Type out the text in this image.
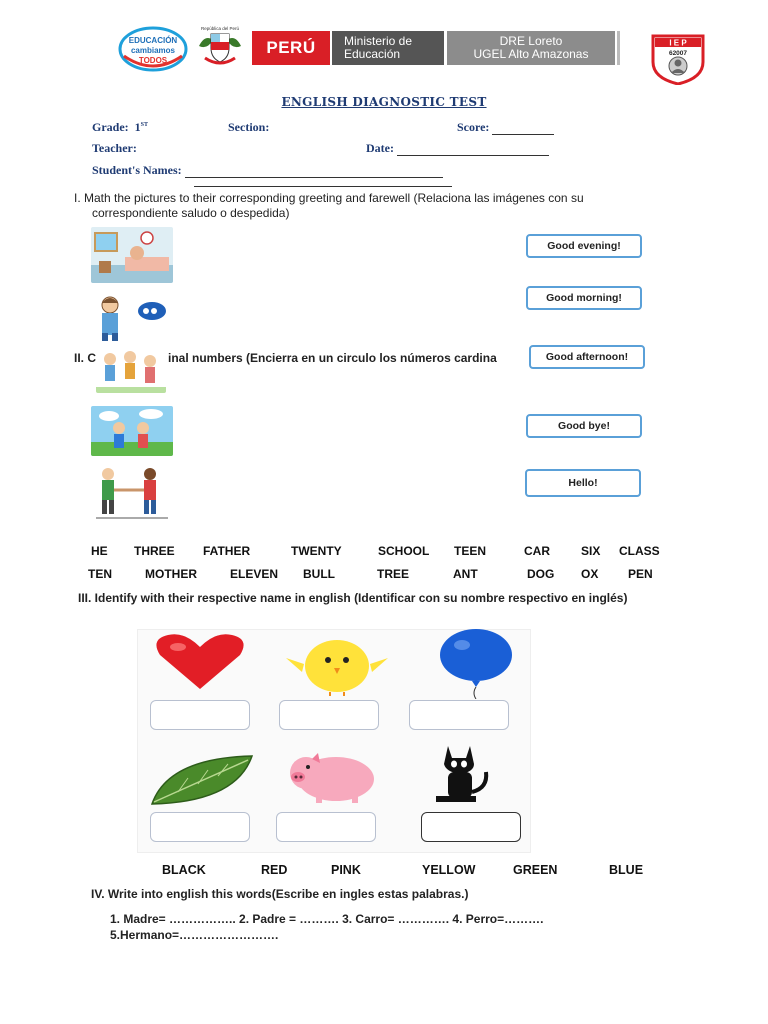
EDUCACIÓN
cambiamos
TODOS
República del Perú
PERÚ	Ministerio de
Educación
DRE Loreto
UGEL Alto Amazonas
I E P
62007
ENGLISH DIAGNOSTIC TEST
Grade: 1ST	Section:	Score:
Teacher:	Date:
Student's Names:
I. Math the pictures to their corresponding greeting and farewell (Relaciona las imágenes con su
correspondiente saludo o despedida)
Good evening!
Good morning!
Good afternoon!
Good bye!
Hello!
II. C	inal numbers (Encierra en un circulo los números cardina
HE THREE FATHER	TWENTY	SCHOOL TEEN	CAR	SIX CLASS
TEN	MOTHER	ELEVEN BULL	TREE	ANT	DOG OX PEN
III. Identify with their respective name in english (Identificar con su nombre respectivo en inglés)
BLACK	RED	PINK	YELLOW	GREEN	BLUE
IV. Write into english this words(Escribe en ingles estas palabras.)
1. Madre= …………….. 2. Padre = ………. 3. Carro= …………. 4. Perro=……….
5.Hermano=…………………….
